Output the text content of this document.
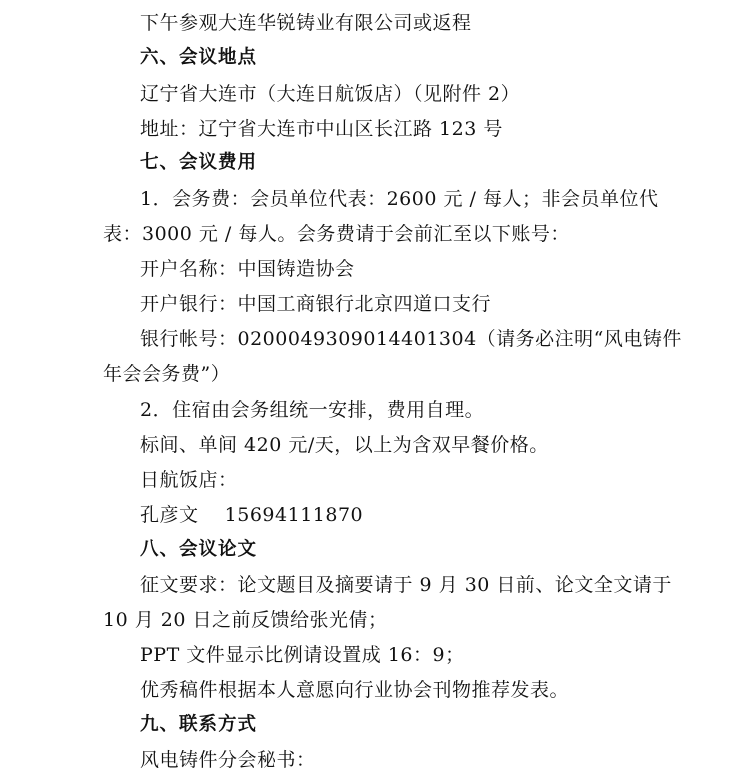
下午参观大连华锐铸业有限公司或返程
六、会议地点
辽宁省大连市（大连日航饭店）（见附件 2）
地址：辽宁省大连市中山区长江路 123 号
七、会议费用
1．会务费：会员单位代表：2600 元 / 每人；非会员单位代
表：3000 元 / 每人。会务费请于会前汇至以下账号：
开户名称：中国铸造协会
开户银行：中国工商银行北京四道口支行
银行帐号：0200049309014401304（请务必注明“风电铸件
年会会务费”）
2．住宿由会务组统一安排，费用自理。
标间、单间 420 元/天，以上为含双早餐价格。
日航饭店：
孔彦文    15694111870
八、会议论文
征文要求：论文题目及摘要请于 9 月 30 日前、论文全文请于
10 月 20 日之前反馈给张光倩；
PPT 文件显示比例请设置成 16：9；
优秀稿件根据本人意愿向行业协会刊物推荐发表。
九、联系方式
风电铸件分会秘书：
